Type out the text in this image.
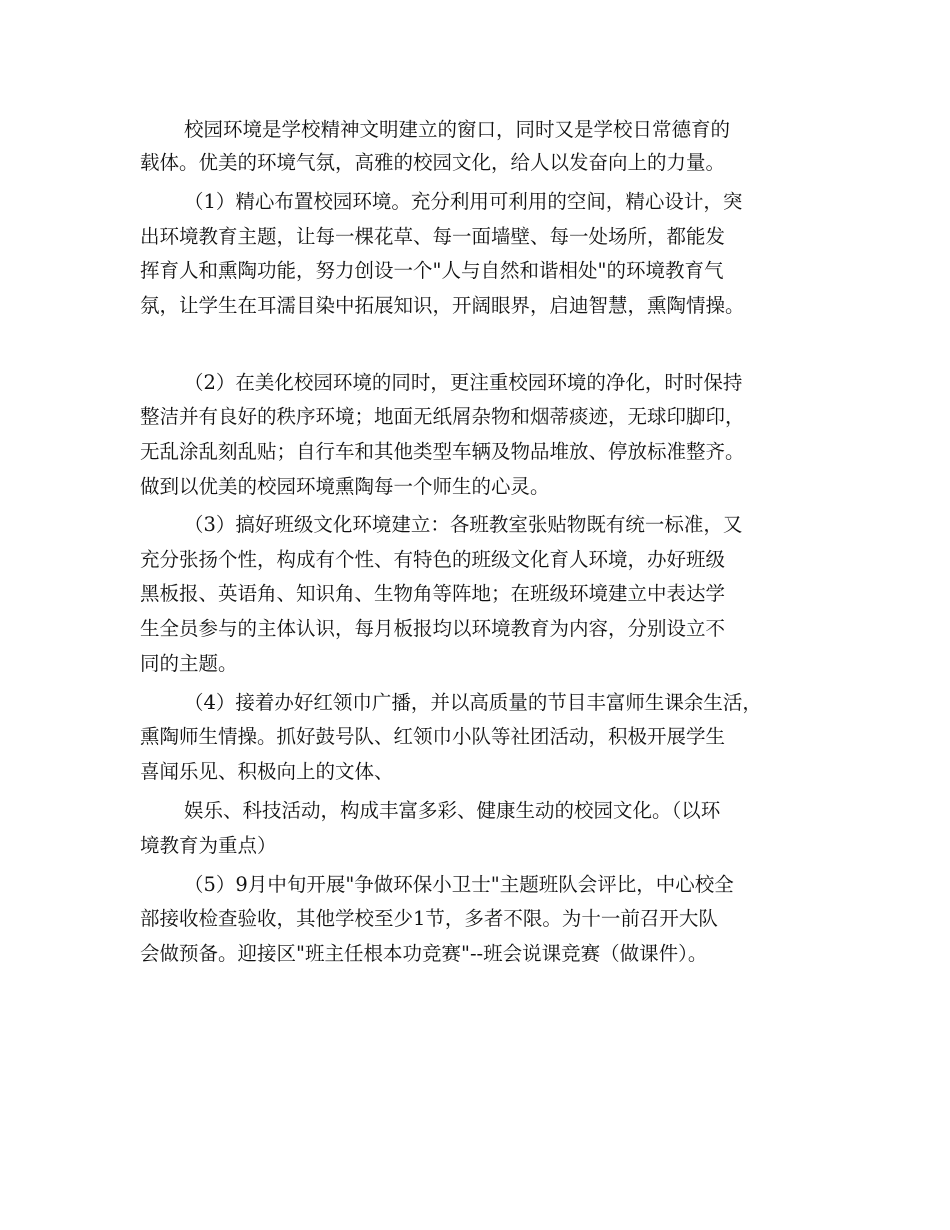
校园环境是学校精神文明建立的窗口，同时又是学校日常德育的

载体。优美的环境气氛，高雅的校园文化，给人以发奋向上的力量。

（1）精心布置校园环境。充分利用可利用的空间，精心设计，突

出环境教育主题，让每一棵花草、每一面墙壁、每一处场所，都能发

挥育人和熏陶功能，努力创设一个"人与自然和谐相处"的环境教育气

氛，让学生在耳濡目染中拓展知识，开阔眼界，启迪智慧，熏陶情操。

（2）在美化校园环境的同时，更注重校园环境的净化，时时保持

整洁并有良好的秩序环境；地面无纸屑杂物和烟蒂痰迹，无球印脚印，

无乱涂乱刻乱贴；自行车和其他类型车辆及物品堆放、停放标准整齐。

做到以优美的校园环境熏陶每一个师生的心灵。

（3）搞好班级文化环境建立：各班教室张贴物既有统一标准，又

充分张扬个性，构成有个性、有特色的班级文化育人环境，办好班级

黑板报、英语角、知识角、生物角等阵地；在班级环境建立中表达学

生全员参与的主体认识，每月板报均以环境教育为内容，分别设立不

同的主题。

（4）接着办好红领巾广播，并以高质量的节目丰富师生课余生活，

熏陶师生情操。抓好鼓号队、红领巾小队等社团活动，积极开展学生

喜闻乐见、积极向上的文体、

娱乐、科技活动，构成丰富多彩、健康生动的校园文化。（以环

境教育为重点）

（5）9月中旬开展"争做环保小卫士"主题班队会评比，中心校全

部接收检查验收，其他学校至少1节，多者不限。为十一前召开大队

会做预备。迎接区"班主任根本功竞赛"--班会说课竞赛（做课件）。
